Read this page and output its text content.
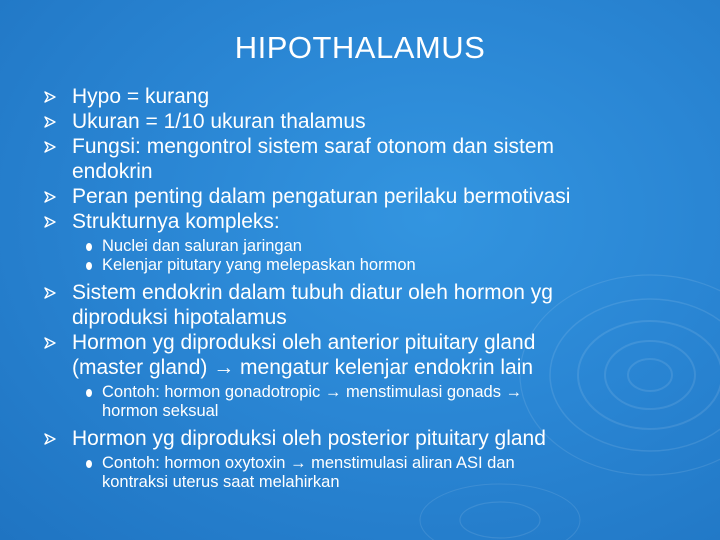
HIPOTHALAMUS
Hypo = kurang
Ukuran = 1/10 ukuran thalamus
Fungsi: mengontrol sistem saraf otonom dan sistem
endokrin
Peran penting dalam pengaturan perilaku bermotivasi
Strukturnya kompleks:
Nuclei dan saluran jaringan
Kelenjar pitutary yang melepaskan hormon
Sistem endokrin dalam tubuh diatur oleh hormon yg
diproduksi hipotalamus
Hormon yg diproduksi oleh anterior pituitary gland
(master gland) → mengatur kelenjar endokrin lain
Contoh: hormon gonadotropic → menstimulasi gonads →
hormon seksual
Hormon yg diproduksi oleh posterior pituitary gland
Contoh: hormon oxytoxin → menstimulasi aliran ASI dan
kontraksi uterus saat melahirkan
